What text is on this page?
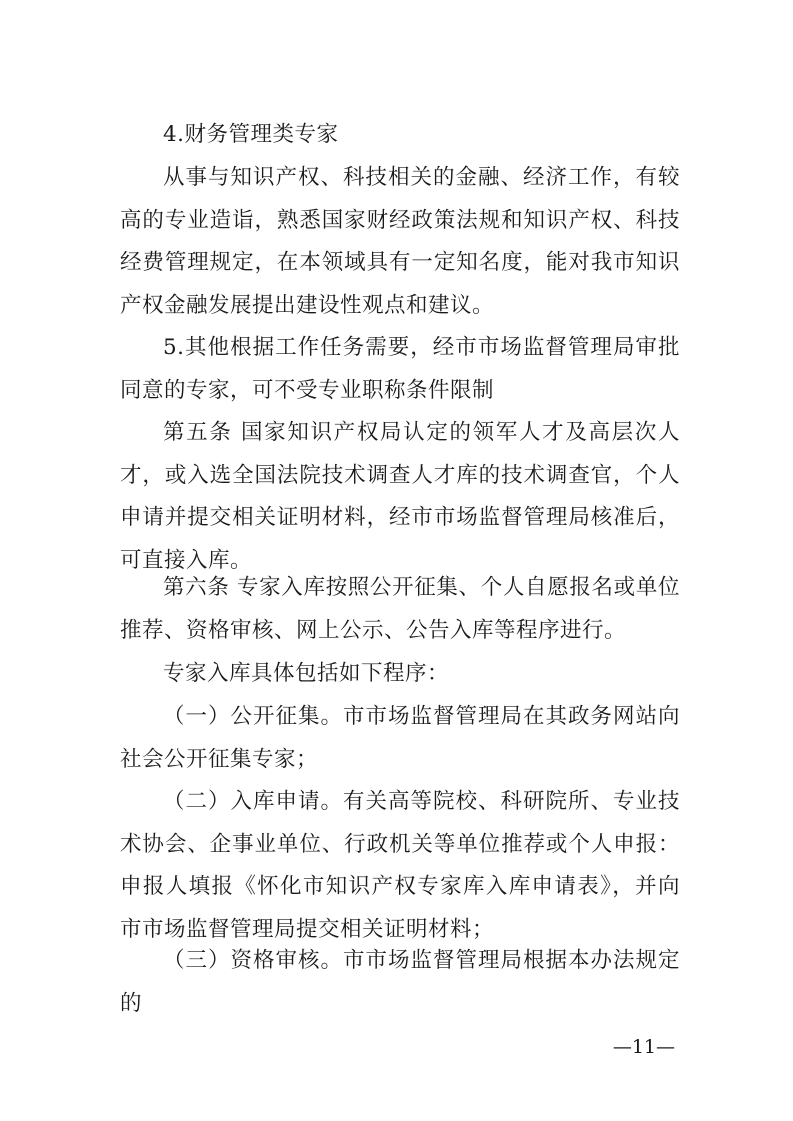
4.财务管理类专家

从事与知识产权、科技相关的金融、经济工作，有较高的专业造诣，熟悉国家财经政策法规和知识产权、科技经费管理规定，在本领域具有一定知名度，能对我市知识产权金融发展提出建设性观点和建议。

5.其他根据工作任务需要，经市市场监督管理局审批同意的专家，可不受专业职称条件限制

第五条 国家知识产权局认定的领军人才及高层次人才，或入选全国法院技术调查人才库的技术调查官，个人申请并提交相关证明材料，经市市场监督管理局核准后，可直接入库。

第六条 专家入库按照公开征集、个人自愿报名或单位推荐、资格审核、网上公示、公告入库等程序进行。

专家入库具体包括如下程序：

（一）公开征集。市市场监督管理局在其政务网站向社会公开征集专家；

（二）入库申请。有关高等院校、科研院所、专业技术协会、企事业单位、行政机关等单位推荐或个人申报：申报人填报《怀化市知识产权专家库入库申请表》，并向市市场监督管理局提交相关证明材料；

（三）资格审核。市市场监督管理局根据本办法规定的

—11—
